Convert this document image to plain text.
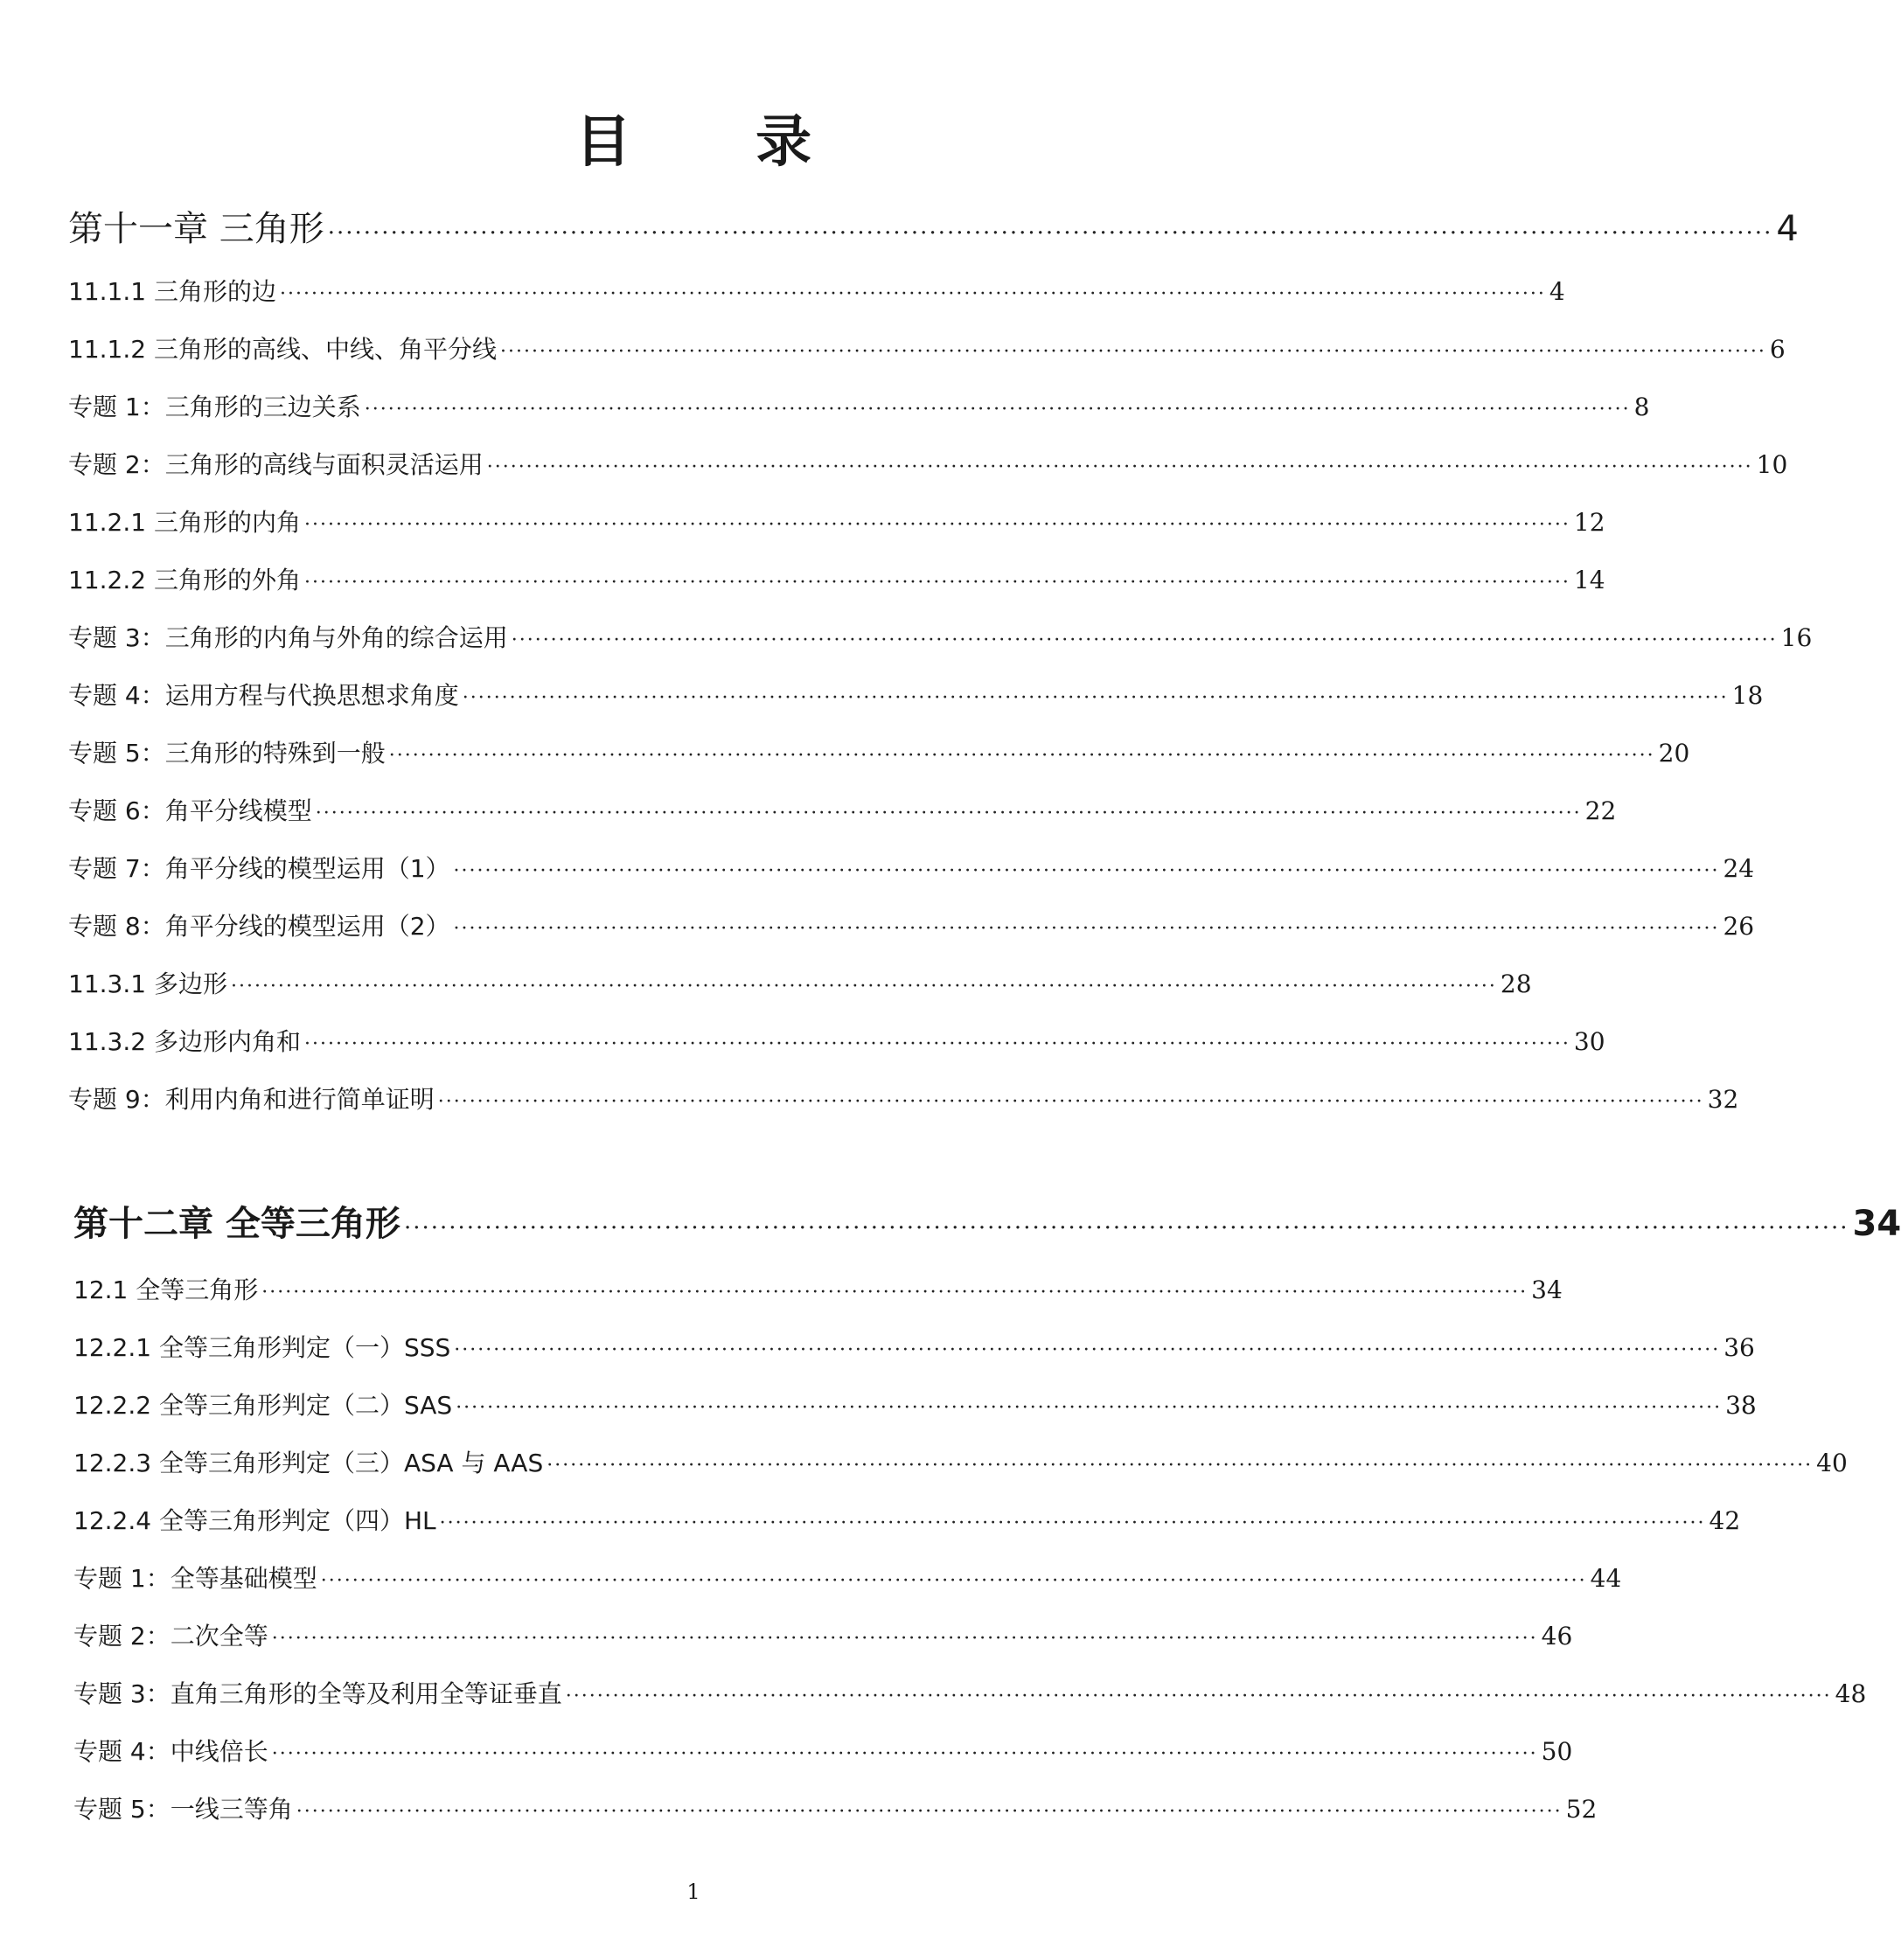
目 录
第十一章 三角形 ································································································································································· 4
11.1.1 三角形的边 ································································································································································· 4
11.1.2 三角形的高线、中线、角平分线 ································································································································································· 6
专题 1：三角形的三边关系 ································································································································································· 8
专题 2：三角形的高线与面积灵活运用 ································································································································································· 10
11.2.1 三角形的内角 ································································································································································· 12
11.2.2 三角形的外角 ································································································································································· 14
专题 3：三角形的内角与外角的综合运用 ································································································································································· 16
专题 4：运用方程与代换思想求角度 ································································································································································· 18
专题 5：三角形的特殊到一般 ································································································································································· 20
专题 6：角平分线模型 ································································································································································· 22
专题 7：角平分线的模型运用（1） ································································································································································· 24
专题 8：角平分线的模型运用（2） ································································································································································· 26
11.3.1 多边形 ································································································································································· 28
11.3.2 多边形内角和 ································································································································································· 30
专题 9：利用内角和进行简单证明 ································································································································································· 32
第十二章 全等三角形 ································································································································································· 34
12.1 全等三角形 ································································································································································· 34
12.2.1 全等三角形判定（一）SSS ································································································································································· 36
12.2.2 全等三角形判定（二）SAS ································································································································································· 38
12.2.3 全等三角形判定（三）ASA 与 AAS ································································································································································· 40
12.2.4 全等三角形判定（四）HL ································································································································································· 42
专题 1：全等基础模型 ································································································································································· 44
专题 2：二次全等 ································································································································································· 46
专题 3：直角三角形的全等及利用全等证垂直 ································································································································································· 48
专题 4：中线倍长 ································································································································································· 50
专题 5：一线三等角 ································································································································································· 52
1
